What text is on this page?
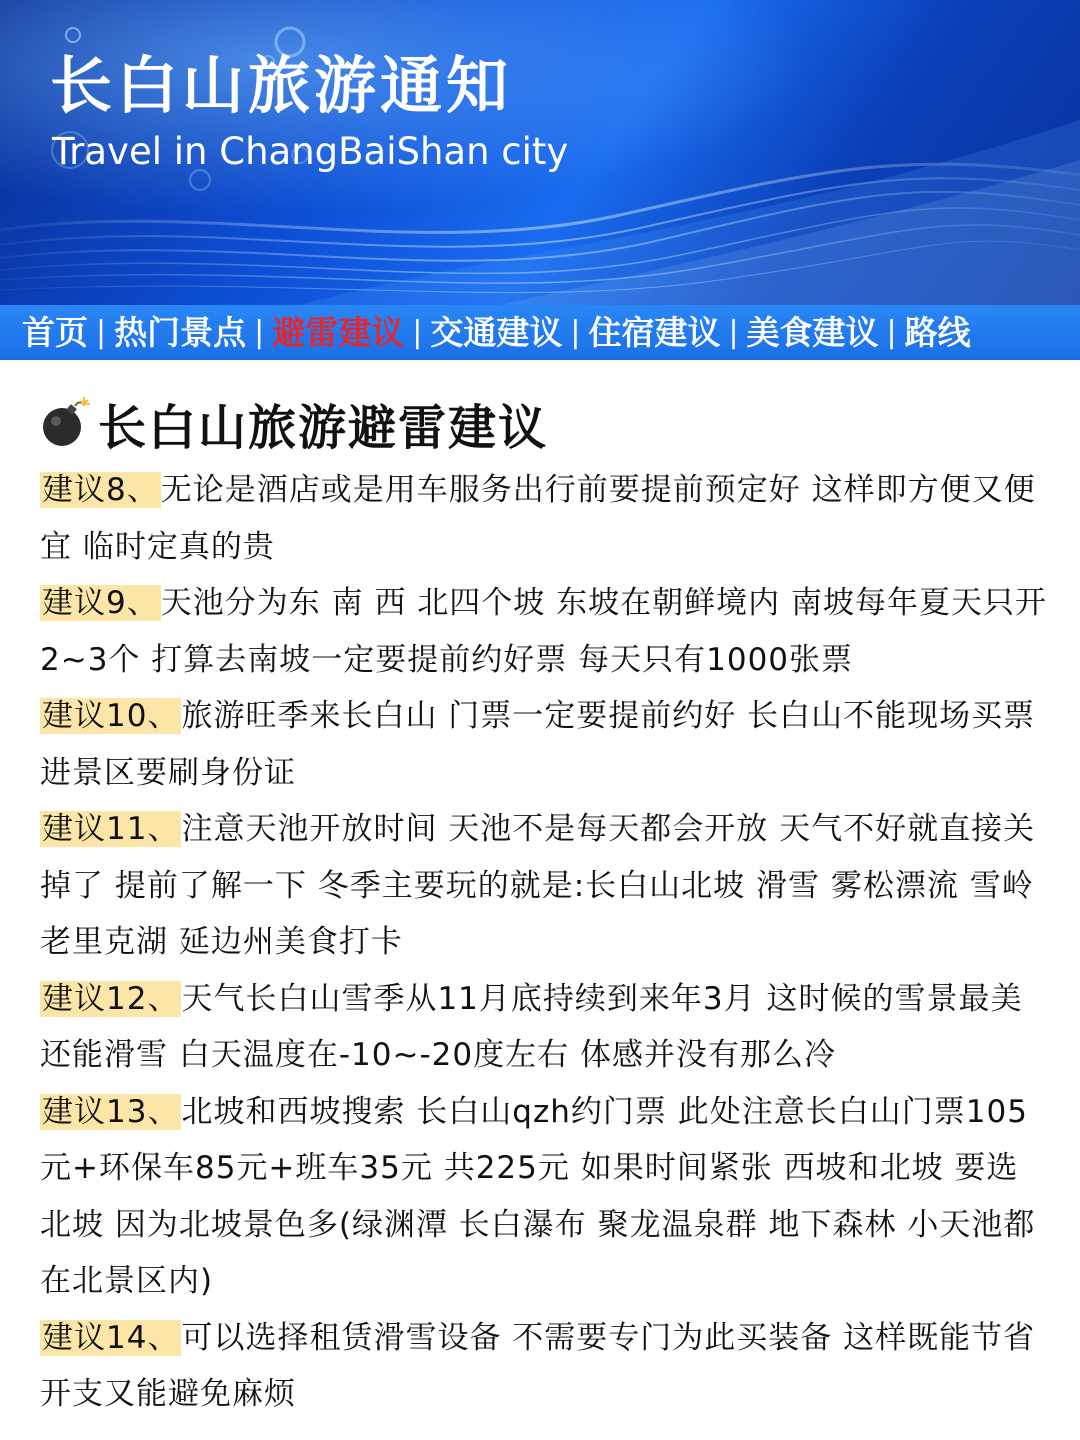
长白山旅游通知
Travel in ChangBaiShan city
首页 | 热门景点 | 避雷建议 | 交通建议 | 住宿建议 | 美食建议 | 路线
长白山旅游避雷建议

建议8、无论是酒店或是用车服务出行前要提前预定好 这样即方便又便宜 临时定真的贵

建议9、天池分为东 南 西 北四个坡 东坡在朝鲜境内 南坡每年夏天只开2~3个 打算去南坡一定要提前约好票 每天只有1000张票

建议10、旅游旺季来长白山 门票一定要提前约好 长白山不能现场买票 进景区要刷身份证

建议11、注意天池开放时间 天池不是每天都会开放 天气不好就直接关掉了 提前了解一下 冬季主要玩的就是:长白山北坡 滑雪 雾松漂流 雪岭 老里克湖 延边州美食打卡

建议12、天气长白山雪季从11月底持续到来年3月 这时候的雪景最美还能滑雪 白天温度在-10~-20度左右 体感并没有那么冷

建议13、北坡和西坡搜索 长白山qzh约门票 此处注意长白山门票105元+环保车85元+班车35元 共225元 如果时间紧张 西坡和北坡 要选北坡 因为北坡景色多(绿渊潭 长白瀑布 聚龙温泉群 地下森林 小天池都在北景区内)

建议14、可以选择租赁滑雪设备 不需要专门为此买装备 这样既能节省开支又能避免麻烦
